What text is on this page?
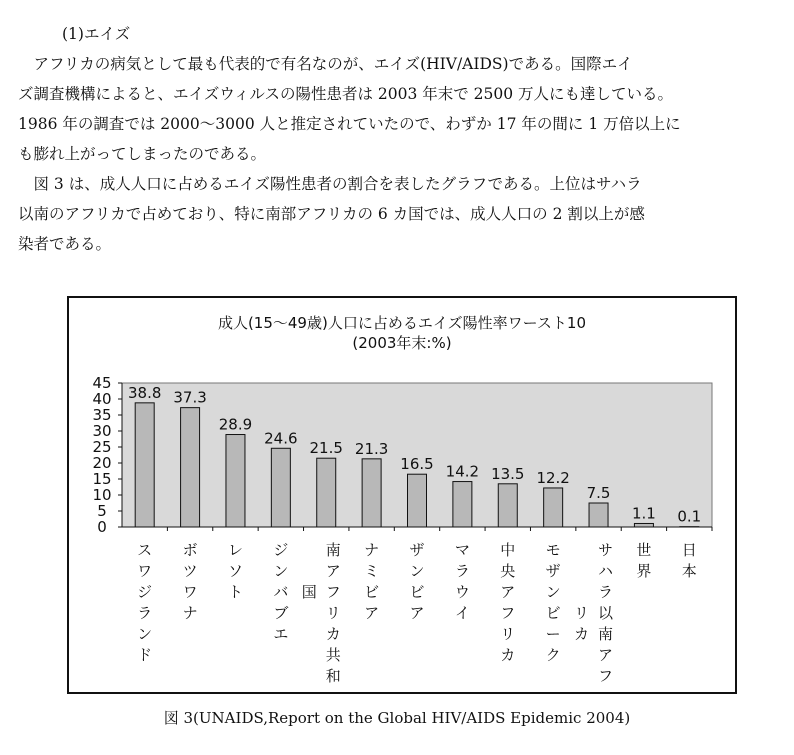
(1)エイズ
　アフリカの病気として最も代表的で有名なのが、エイズ(HIV/AIDS)である。国際エイ
ズ調査機構によると、エイズウィルスの陽性患者は 2003 年末で 2500 万人にも達している。
1986 年の調査では 2000〜3000 人と推定されていたので、わずか 17 年の間に 1 万倍以上に
も膨れ上がってしまったのである。
　図 3 は、成人人口に占めるエイズ陽性患者の割合を表したグラフである。上位はサハラ
以南のアフリカで占めており、特に南部アフリカの 6 カ国では、成人人口の 2 割以上が感
染者である。
成人(15〜49歳)人口に占めるエイズ陽性率ワースト10
(2003年末:%)
0
5
10
15
20
25
30
35
40
45
38.8
スワジランド
37.3
ボツワナ
28.9
レソト
24.6
ジンバブエ
21.5
南アフリカ共和国
21.3
ナミビア
16.5
ザンビア
14.2
マラウイ
13.5
中央アフリカ
12.2
モザンビーク
7.5
サハラ以南アフリカ
1.1
世界
0.1
日本
図 3(UNAIDS,Report on the Global HIV/AIDS Epidemic 2004)
